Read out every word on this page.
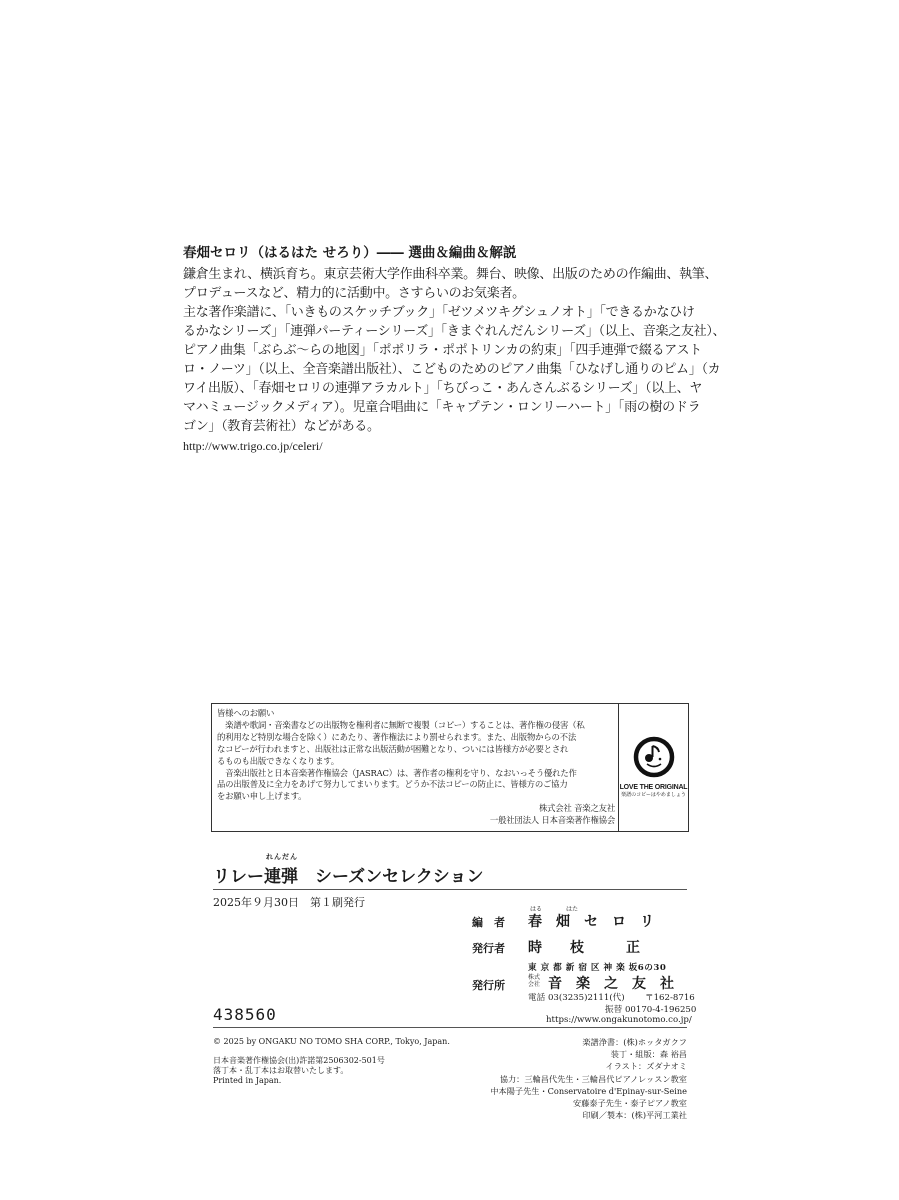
春畑セロリ（はるはた せろり）―― 選曲＆編曲＆解説
鎌倉生まれ、横浜育ち。東京芸術大学作曲科卒業。舞台、映像、出版のための作編曲、執筆、
プロデュースなど、精力的に活動中。さすらいのお気楽者。
主な著作楽譜に、「いきものスケッチブック」「ゼツメツキグシュノオト」「できるかなひけ
るかなシリーズ」「連弾パーティーシリーズ」「きまぐれんだんシリーズ」（以上、音楽之友社）、
ピアノ曲集「ぶらぶ～らの地図」「ポポリラ・ポポトリンカの約束」「四手連弾で綴るアスト
ロ・ノーツ」（以上、全音楽譜出版社）、こどものためのピアノ曲集「ひなげし通りのピム」（カ
ワイ出版）、「春畑セロリの連弾アラカルト」「ちびっこ・あんさんぶるシリーズ」（以上、ヤ
マハミュージックメディア）。児童合唱曲に「キャプテン・ロンリーハート」「雨の樹のドラ
ゴン」（教育芸術社）などがある。
http://www.trigo.co.jp/celeri/
皆様へのお願い
　楽譜や歌詞・音楽書などの出版物を権利者に無断で複製（コピー）することは、著作権の侵害（私
的利用など特別な場合を除く）にあたり、著作権法により罰せられます。また、出版物からの不法
なコピーが行われますと、出版社は正常な出版活動が困難となり、ついには皆様方が必要とされ
るものも出版できなくなります。
　音楽出版社と日本音楽著作権協会（JASRAC）は、著作者の権利を守り、なおいっそう優れた作
品の出版普及に全力をあげて努力してまいります。どうか不法コピーの防止に、皆様方のご協力
をお願い申し上げます。
株式会社 音楽之友社
一般社団法人 日本音楽著作権協会
LOVE THE ORIGINAL
楽譜のコピーはやめましょう
リレー
れんだん
連弾　シーズンセレクション
2025年９月30日　第１刷発行
はる	はた
編　者 春　畑　セ　ロ　リ
発行者 時　　枝　　　正
東 京 都 新 宿 区 神 楽 坂6の30
発行所
株式
会社 音　楽　之　友　社
電話 03(3235)2111(代) 〒162-8716
振替 00170-4-196250
https://www.ongakunotomo.co.jp/
438560
© 2025 by ONGAKU NO TOMO SHA CORP., Tokyo, Japan.
日本音楽著作権協会(出)許諾第2506302-501号
落丁本・乱丁本はお取替いたします。
Printed in Japan.
楽譜浄書：(株)ホッタガクフ
装丁・組版：森 裕昌
イラスト：ズダナオミ
協力：三輪昌代先生・三輪昌代ピアノレッスン教室
中本陽子先生・Conservatoire d'Epinay-sur-Seine
安藤泰子先生・泰子ピアノ教室
印刷／製本：(株)平河工業社
